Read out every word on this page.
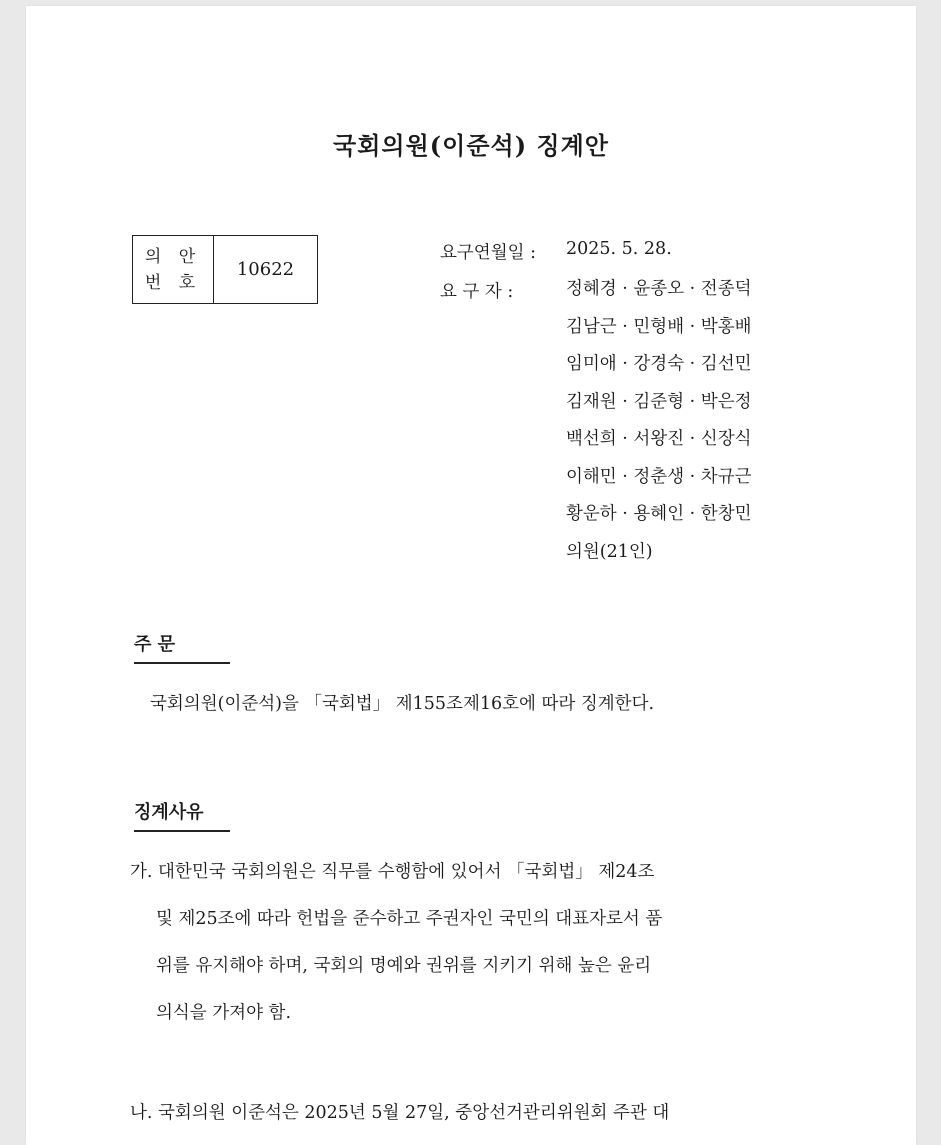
국회의원(이준석) 징계안
의 안
번 호
10622
요구연월일 :	2025. 5. 28.
요 구 자 :	정혜경 · 윤종오 · 전종덕
김남근 · 민형배 · 박홍배
임미애 · 강경숙 · 김선민
김재원 · 김준형 · 박은정
백선희 · 서왕진 · 신장식
이해민 · 정춘생 · 차규근
황운하 · 용혜인 · 한창민
의원(21인)
주 문
국회의원(이준석)을 「국회법」 제155조제16호에 따라 징계한다.
징계사유
가. 대한민국 국회의원은 직무를 수행함에 있어서 「국회법」 제24조
및 제25조에 따라 헌법을 준수하고 주권자인 국민의 대표자로서 품
위를 유지해야 하며, 국회의 명예와 권위를 지키기 위해 높은 윤리
의식을 가져야 함.
나. 국회의원 이준석은 2025년 5월 27일, 중앙선거관리위원회 주관 대
